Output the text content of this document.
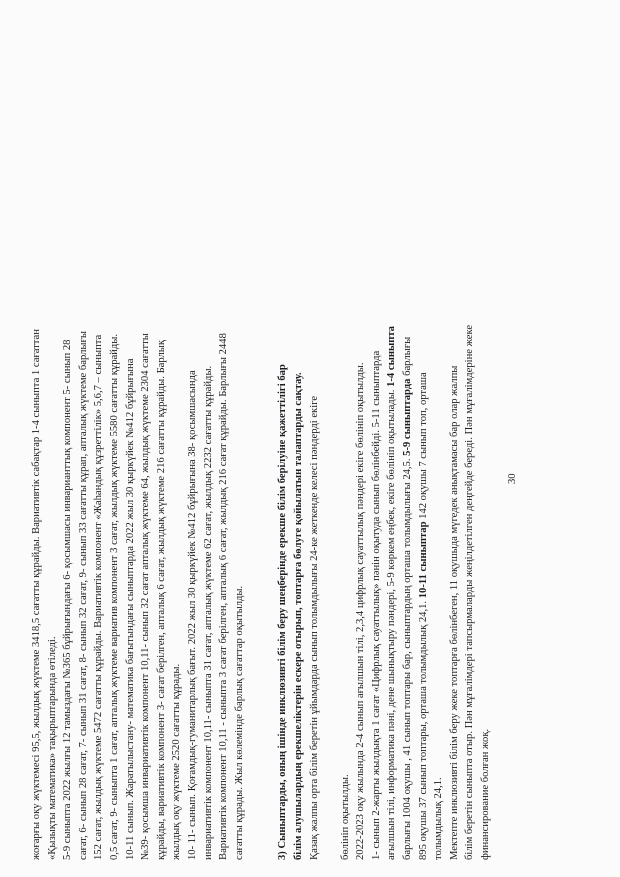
жоғарғы оқу жүктемесі 95,5, жылдық жүктеме 3418,5 сағатты құрайды. Вариативтік сабақтар 1-4 сыныпта 1 сағаттан «Қызықты математика» тақырыптарында өтіледі. 5-9 сыныпта 2022 жылғы 12 тамыздағы №365 бұйрығындағы 6- қосымшасы инварианттық компонент 5- сынып 28 сағат, 6- сынып 28 сағат, 7- сынып 31 сағат, 8- сынып 32 сағат, 9- сынып 33 сағатты құрап, апталық жүктеме барлығы 152 сағат, жылдық жүктеме 5472 сағатты құрайды. Вариативтік компонент «Жаһандық құзреттілік» 5,6,7 – сыныпта 0,5 сағат, 9- сыныпта 1 сағат, апталық жүктеме вариатив компонент 3 сағат, жылдық жүктеме 5580 сағатты құрайды. 10-11 сынып. Жаратылыстану- математика бағытындағы сыныптарда 2022 жыл 30 қыркүйек №412 бұйрығына №39- қосымша инвариативтік компонент 10,11- сынып 32 сағат апталық жүктеме 64, жылдық жүктеме 2304 сағатты құрайды, вариативтік компонент 3- сағат берілген, апталық 6 сағат, жылдық жүктеме 216 сағатты құрайды. Барлық жылдық оқу жүктеме 2520 сағатты құрады. 10- 11- сынып. Қоғамдық-гуманитарлық бағыт. 2022 жыл 30 қыркүйек №412 бұйрығына 38- қосымшасында инвариативтік компонент 10,11- сыныпта 31 сағат, апталық жүктеме 62 сағат, жылдық 2232 сағатты құрайды. Вариативтік компонент 10,11 - сыныпта 3 сағат берілген, апталық 6 сағат, жылдық 216 сағат құрайды. Барлығы 2448 сағатты құрады. Жыл көлемінде барлық сағаттар оқытылды.	3) Сыныптарды, оның ішінде инклюзивті білім беру шеңберінде ерекше білім берілуіне қажеттілігі бар білім алушылардың ерекшеліктерін ескере отырып, топтарға бөлуге қойылатын талаптарды сақтау. Қазақ жалпы орта білім беретін ұйымдарда сынып толымдылығы 24-ке жеткенде келесі пәндерді екіге бөлініп оқытылды. 2022-2023 оқу жылында 2-4 сынып ағылшын тілі, 2,3,4 цифрлық сауаттылық пәндері екіге бөлініп оқытылды. 1- сынып 2-жарты жылдықта 1 сағат «Цифрлық сауаттылық» пәнін оқытуда сынып бөлінбейді. 5-11 сыныптарда ағылшын тілі, информатика пәні, дене шынықтыру пәндері, 5-9 көркем еңбек, екіге бөлініп оқытылады. 1-4 сыныпта
барлығы 1004 оқушы , 41 сынып топтары бар, сыныптардың орташа толымдылығы 24,5. 5-9 сыныптарда барлығы
895 оқушы 37 сынып топтары, орташа толымдылық 24,1. 10-11 сыныптар 142 оқушы 7 сынып топ, орташа
толымдылық 24,1. Мектепте инклюзивті білім беру жеке топтарға бөлінбеген, 11 оқушыда мүгедек анықтамасы бар олар жалпы білім беретін сыныпта отыр. Пән мұғалімдері тапсырмаларды жеңілдетілген деңгейде береді. Пән мұғалімдеріне жеке финансирование болған жоқ.
30
